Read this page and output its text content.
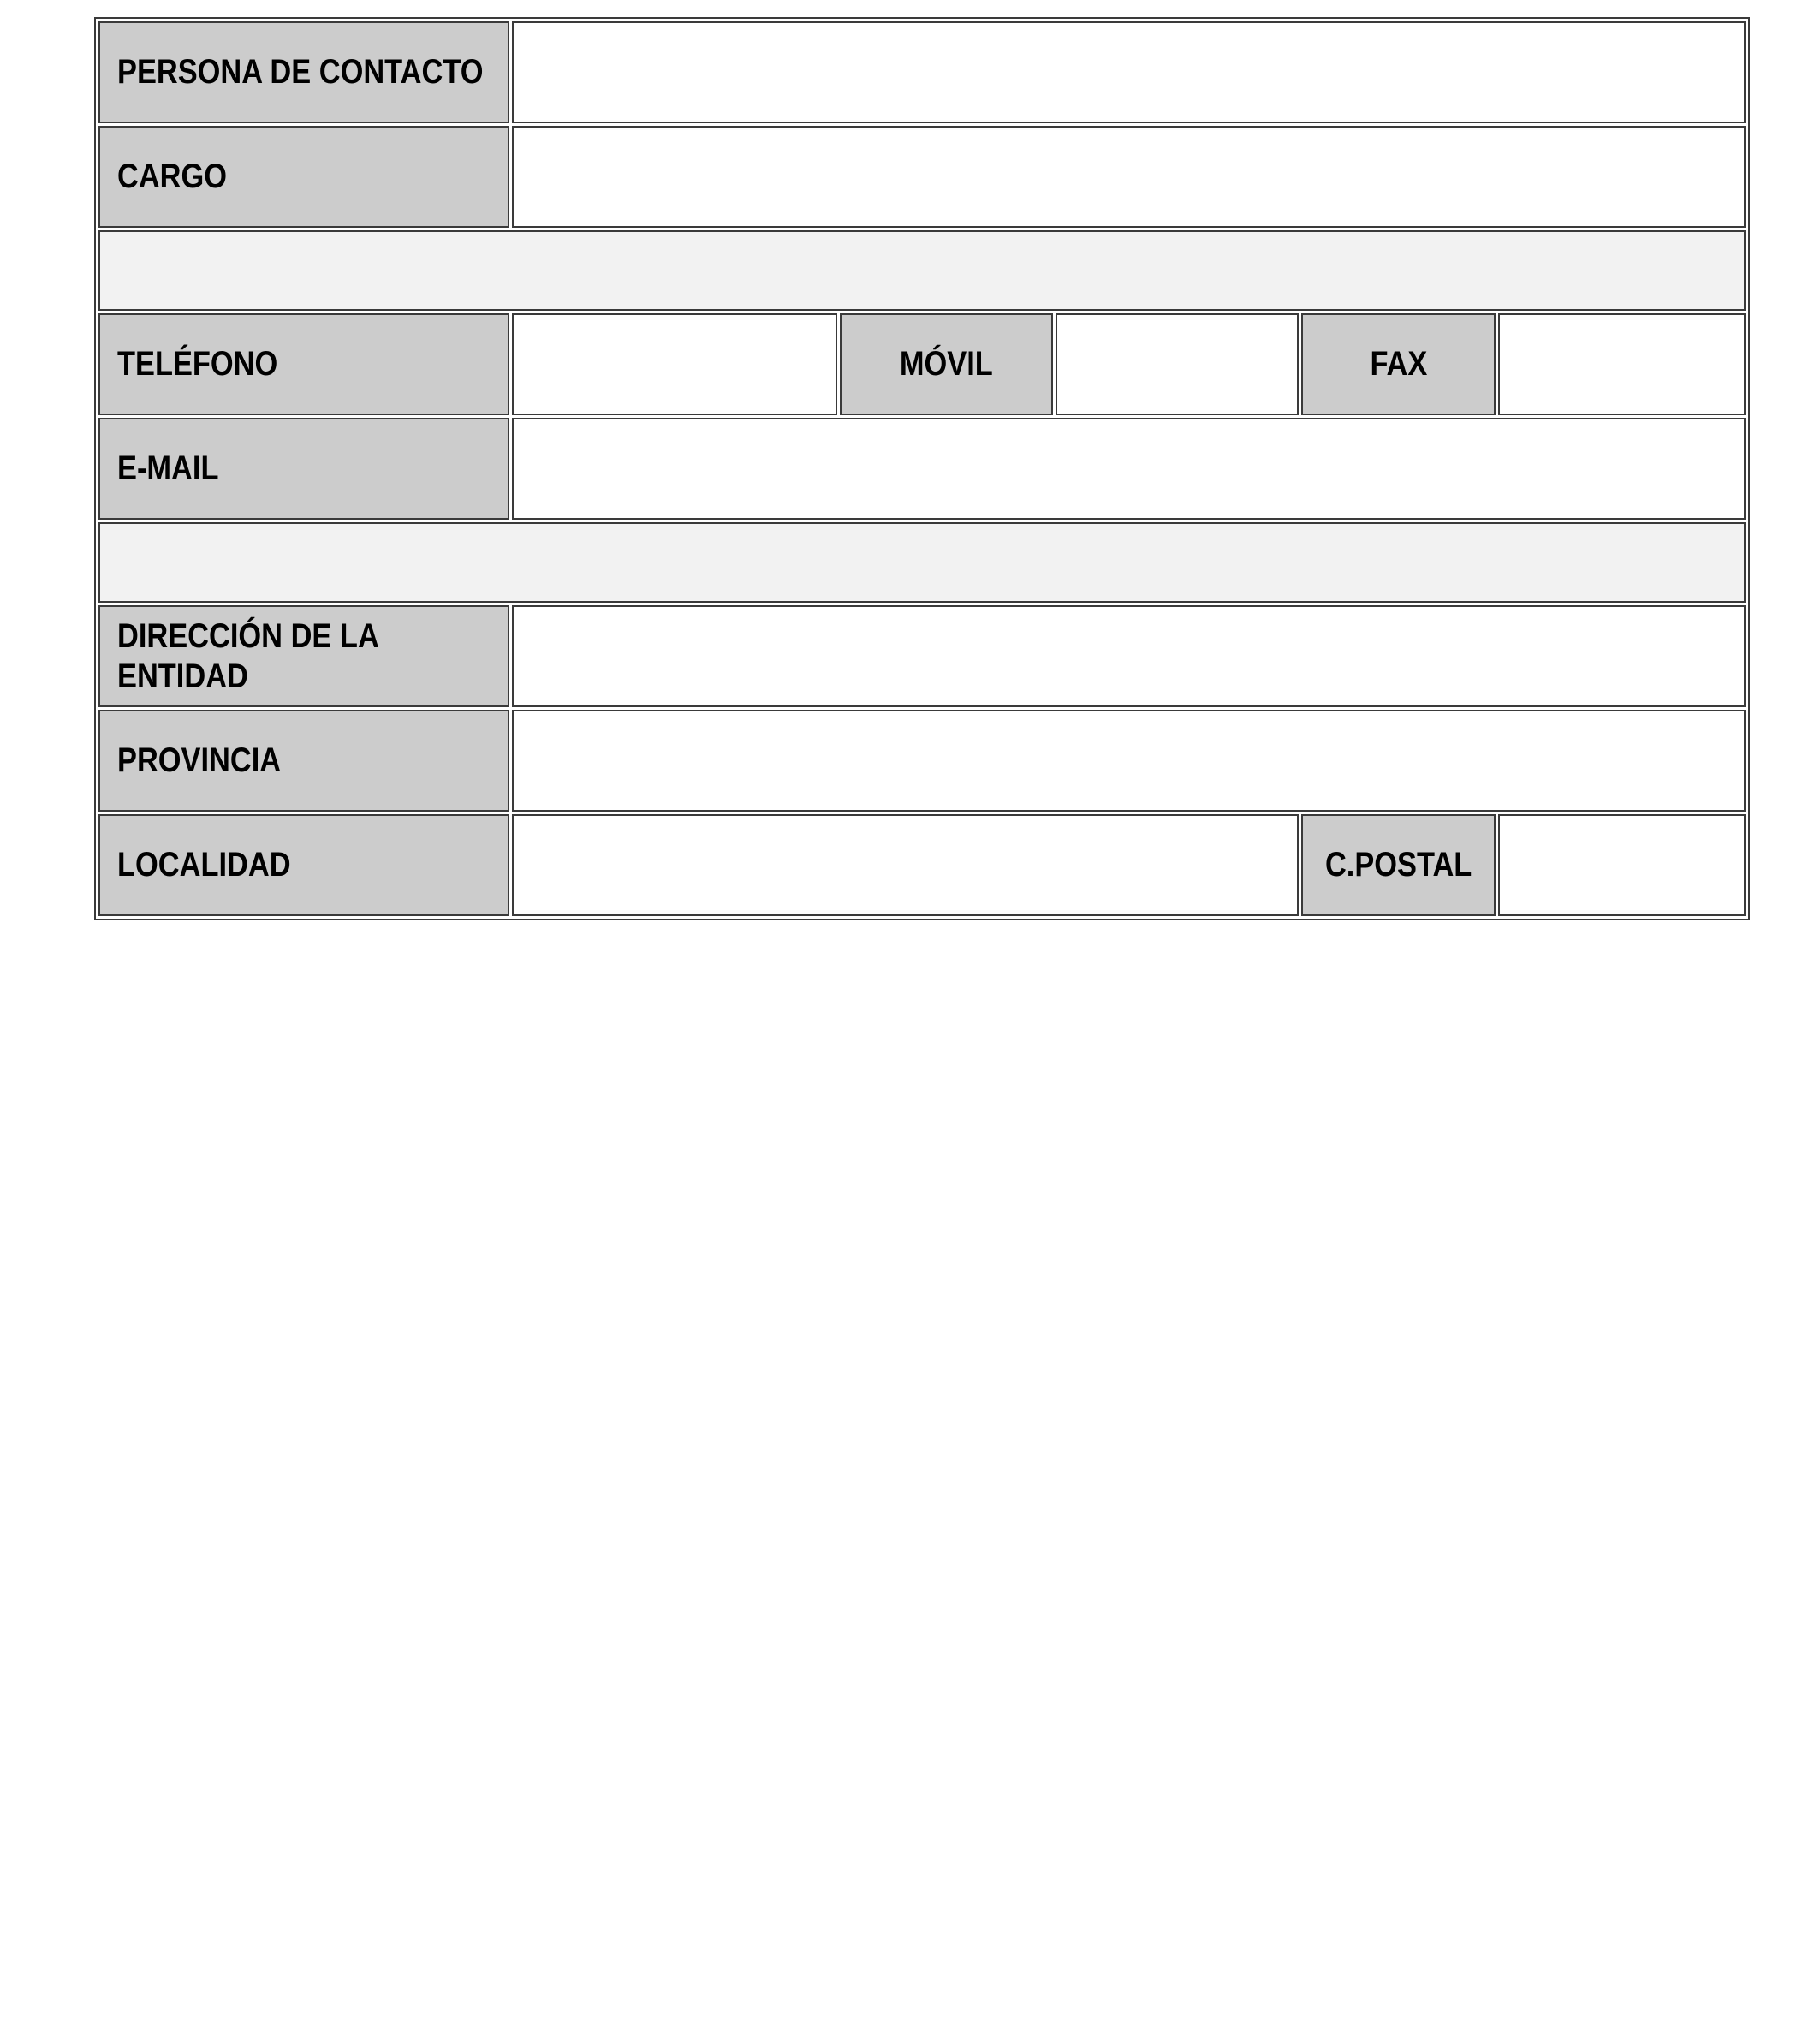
PERSONA DE CONTACTO					
CARGO					

TELÉFONO		MÓVIL		FAX	
E-MAIL					

DIRECCIÓN DE LA ENTIDAD					
PROVINCIA					
LOCALIDAD				C.POSTAL	
